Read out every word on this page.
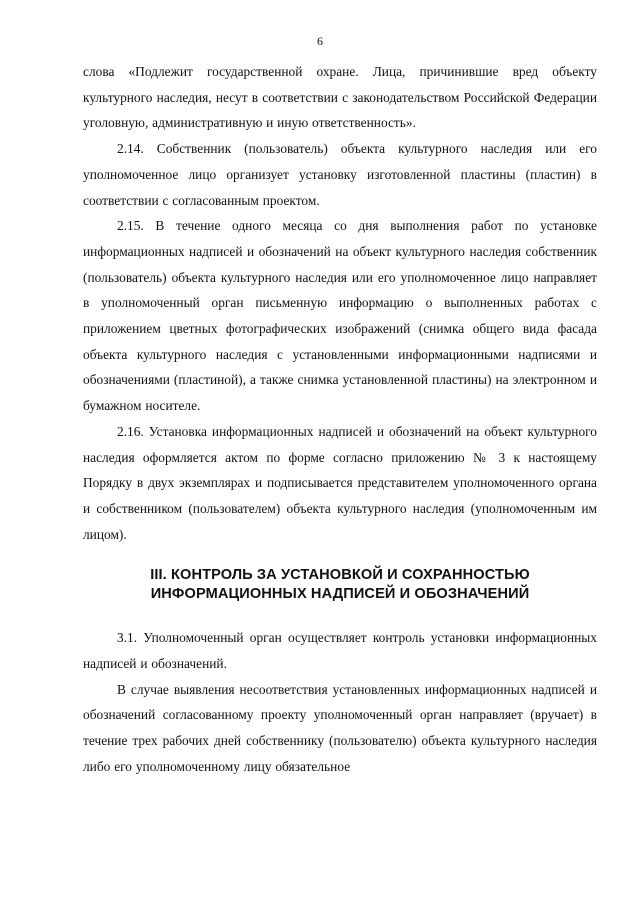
6

слова «Подлежит государственной охране. Лица, причинившие вред объекту культурного наследия, несут в соответствии с законодательством Российской Федерации уголовную, административную и иную ответственность».

2.14. Собственник (пользователь) объекта культурного наследия или его уполномоченное лицо организует установку изготовленной пластины (пластин) в соответствии с согласованным проектом.

2.15. В течение одного месяца со дня выполнения работ по установке информационных надписей и обозначений на объект культурного наследия собственник (пользователь) объекта культурного наследия или его уполномоченное лицо направляет в уполномоченный орган письменную информацию о выполненных работах с приложением цветных фотографических изображений (снимка общего вида фасада объекта культурного наследия с установленными информационными надписями и обозначениями (пластиной), а также снимка установленной пластины) на электронном и бумажном носителе.

2.16. Установка информационных надписей и обозначений на объект культурного наследия оформляется актом по форме согласно приложению № 3 к настоящему Порядку в двух экземплярах и подписывается представителем уполномоченного органа и собственником (пользователем) объекта культурного наследия (уполномоченным им лицом).

III. КОНТРОЛЬ ЗА УСТАНОВКОЙ И СОХРАННОСТЬЮ
ИНФОРМАЦИОННЫХ НАДПИСЕЙ И ОБОЗНАЧЕНИЙ

3.1. Уполномоченный орган осуществляет контроль установки информационных надписей и обозначений.

В случае выявления несоответствия установленных информационных надписей и обозначений согласованному проекту уполномоченный орган направляет (вручает) в течение трех рабочих дней собственнику (пользователю) объекта культурного наследия либо его уполномоченному лицу обязательное
